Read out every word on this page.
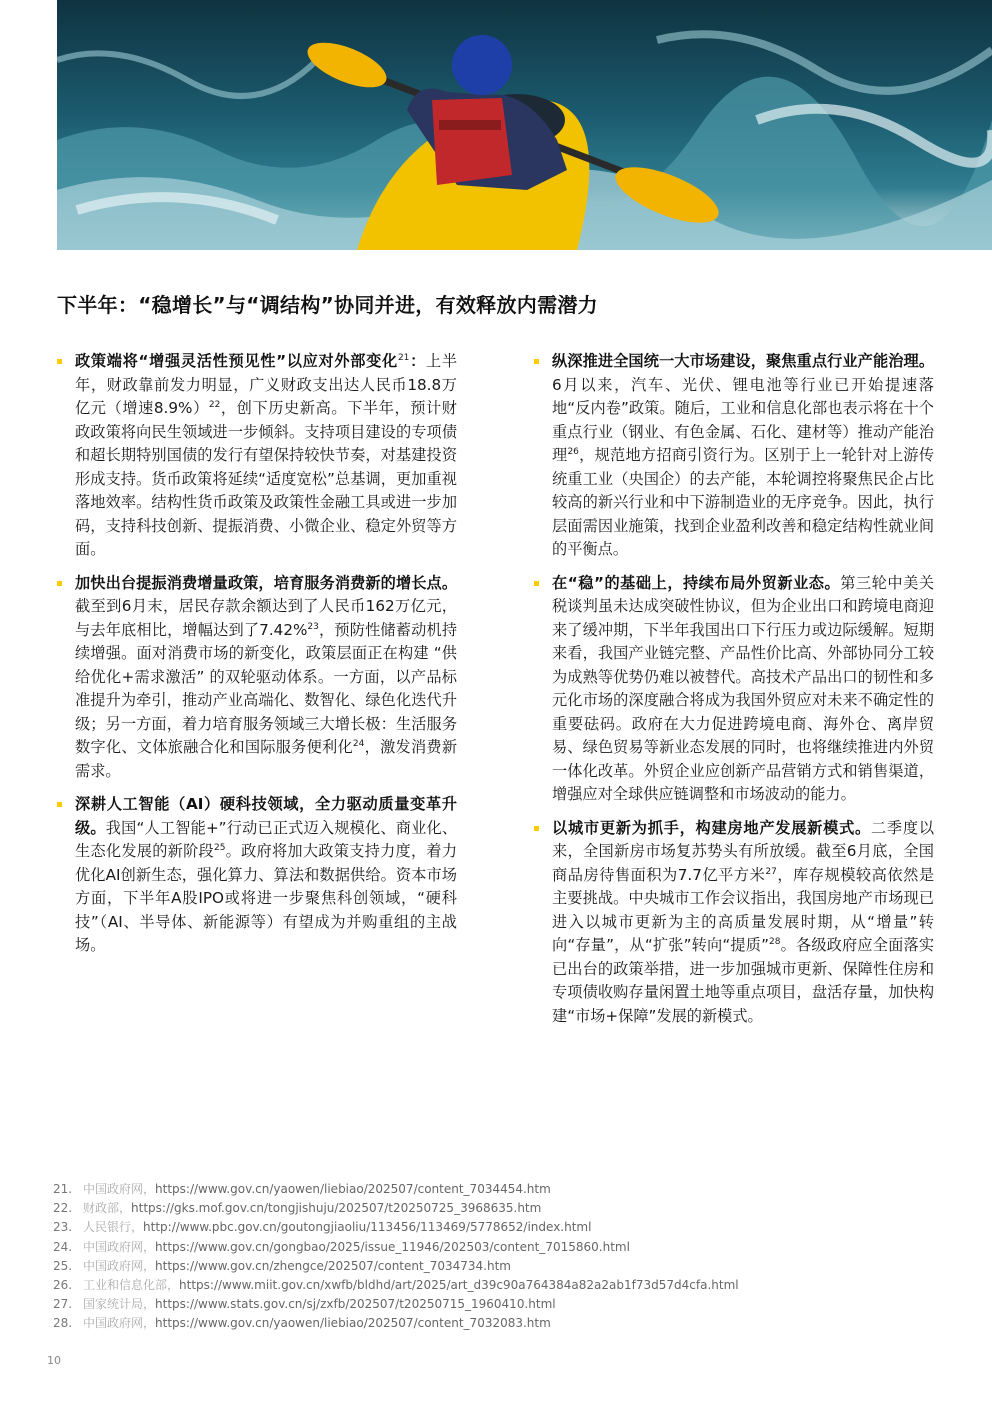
下半年：“稳增长”与“调结构”协同并进，有效释放内需潜力
政策端将“增强灵活性预见性”以应对外部变化$^{21}$：上半年，财政靠前发力明显，广义财政支出达人民币18.8万亿元（增速8.9%）$^{22}$，创下历史新高。下半年，预计财政政策将向民生领域进一步倾斜。支持项目建设的专项债和超长期特别国债的发行有望保持较快节奏，对基建投资形成支持。货币政策将延续“适度宽松”总基调，更加重视落地效率。结构性货币政策及政策性金融工具或进一步加码，支持科技创新、提振消费、小微企业、稳定外贸等方面。
加快出台提振消费增量政策，培育服务消费新的增长点。截至到6月末，居民存款余额达到了人民币162万亿元，与去年底相比，增幅达到了7.42%$^{23}$，预防性储蓄动机持续增强。面对消费市场的新变化，政策层面正在构建 “供给优化+需求激活” 的双轮驱动体系。一方面，以产品标准提升为牵引，推动产业高端化、数智化、绿色化迭代升级；另一方面，着力培育服务领域三大增长极：生活服务数字化、文体旅融合化和国际服务便利化$^{24}$，激发消费新需求。
深耕人工智能（AI）硬科技领域，全力驱动质量变革升级。我国“人工智能+”行动已正式迈入规模化、商业化、生态化发展的新阶段$^{25}$。政府将加大政策支持力度，着力优化AI创新生态，强化算力、算法和数据供给。资本市场方面，下半年A股IPO或将进一步聚焦科创领域，“硬科技”（AI、半导体、新能源等）有望成为并购重组的主战场。
纵深推进全国统一大市场建设，聚焦重点行业产能治理。6月以来，汽车、光伏、锂电池等行业已开始提速落地“反内卷”政策。随后，工业和信息化部也表示将在十个重点行业（钢业、有色金属、石化、建材等）推动产能治理$^{26}$，规范地方招商引资行为。区别于上一轮针对上游传统重工业（央国企）的去产能，本轮调控将聚焦民企占比较高的新兴行业和中下游制造业的无序竞争。因此，执行层面需因业施策，找到企业盈利改善和稳定结构性就业间的平衡点。
在“稳”的基础上，持续布局外贸新业态。第三轮中美关税谈判虽未达成突破性协议，但为企业出口和跨境电商迎来了缓冲期，下半年我国出口下行压力或边际缓解。短期来看，我国产业链完整、产品性价比高、外部协同分工较为成熟等优势仍难以被替代。高技术产品出口的韧性和多元化市场的深度融合将成为我国外贸应对未来不确定性的重要砝码。政府在大力促进跨境电商、海外仓、离岸贸易、绿色贸易等新业态发展的同时，也将继续推进内外贸一体化改革。外贸企业应创新产品营销方式和销售渠道，增强应对全球供应链调整和市场波动的能力。
以城市更新为抓手，构建房地产发展新模式。二季度以来，全国新房市场复苏势头有所放缓。截至6月底，全国商品房待售面积为7.7亿平方米$^{27}$，库存规模较高依然是主要挑战。中央城市工作会议指出，我国房地产市场现已进入以城市更新为主的高质量发展时期，从“增量”转向“存量”，从“扩张”转向“提质”$^{28}$。各级政府应全面落实已出台的政策举措，进一步加强城市更新、保障性住房和专项债收购存量闲置土地等重点项目，盘活存量，加快构建“市场+保障”发展的新模式。
21. 中国政府网，https://www.gov.cn/yaowen/liebiao/202507/content_7034454.htm
22. 财政部，https://gks.mof.gov.cn/tongjishuju/202507/t20250725_3968635.htm
23. 人民银行，http://www.pbc.gov.cn/goutongjiaoliu/113456/113469/5778652/index.html
24. 中国政府网，https://www.gov.cn/gongbao/2025/issue_11946/202503/content_7015860.html
25. 中国政府网，https://www.gov.cn/zhengce/202507/content_7034734.htm
26. 工业和信息化部，https://www.miit.gov.cn/xwfb/bldhd/art/2025/art_d39c90a764384a82a2ab1f73d57d4cfa.html
27. 国家统计局，https://www.stats.gov.cn/sj/zxfb/202507/t20250715_1960410.html
28. 中国政府网，https://www.gov.cn/yaowen/liebiao/202507/content_7032083.htm
10
